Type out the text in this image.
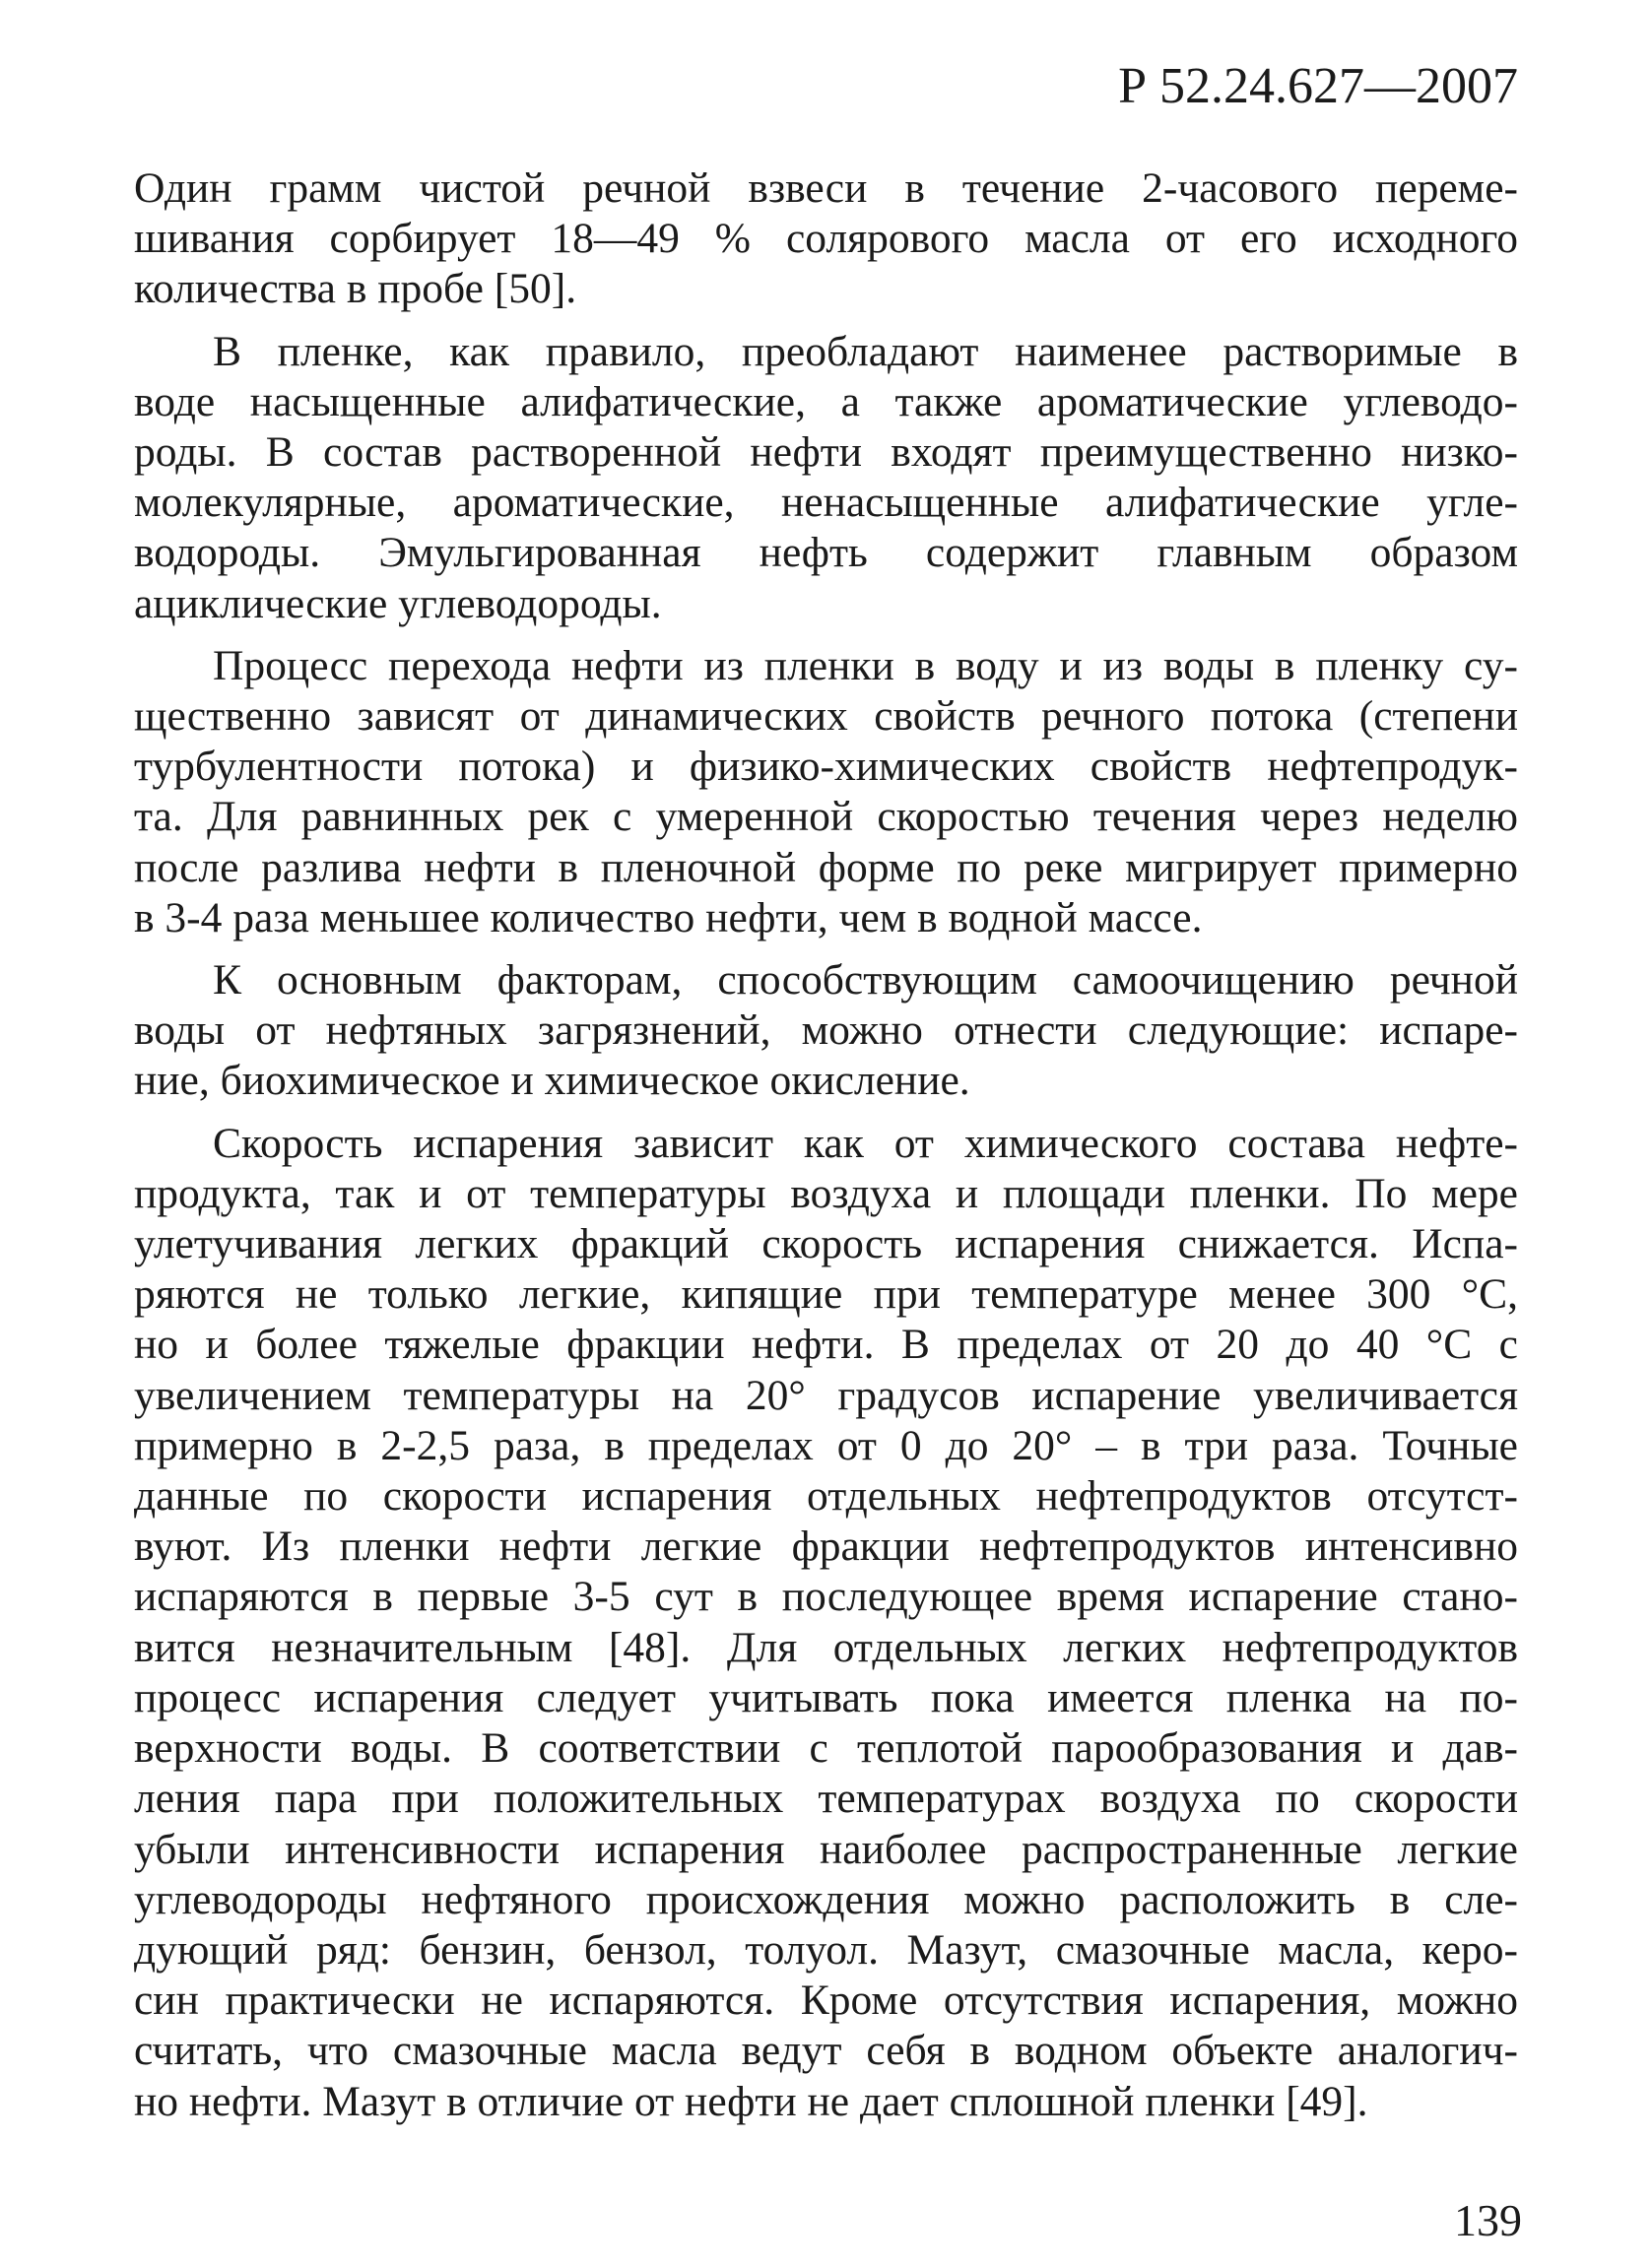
Р 52.24.627—2007
Один грамм чистой речной взвеси в течение 2-часового переме-
шивания сорбирует 18—49 % солярового масла от его исходного
количества в пробе [50].
В пленке, как правило, преобладают наименее растворимые в
воде насыщенные алифатические, а также ароматические углеводо-
роды. В состав растворенной нефти входят преимущественно низко-
молекулярные, ароматические, ненасыщенные алифатические угле-
водороды. Эмульгированная нефть содержит главным образом
ациклические углеводороды.
Процесс перехода нефти из пленки в воду и из воды в пленку су-
щественно зависят от динамических свойств речного потока (степени
турбулентности потока) и физико-химических свойств нефтепродук-
та. Для равнинных рек с умеренной скоростью течения через неделю
после разлива нефти в пленочной форме по реке мигрирует примерно
в 3-4 раза меньшее количество нефти, чем в водной массе.
К основным факторам, способствующим самоочищению речной
воды от нефтяных загрязнений, можно отнести следующие: испаре-
ние, биохимическое и химическое окисление.
Скорость испарения зависит как от химического состава нефте-
продукта, так и от температуры воздуха и площади пленки. По мере
улетучивания легких фракций скорость испарения снижается. Испа-
ряются не только легкие, кипящие при температуре менее 300 °С,
но и более тяжелые фракции нефти. В пределах от 20 до 40 °С с
увеличением температуры на 20° градусов испарение увеличивается
примерно в 2-2,5 раза, в пределах от 0 до 20° – в три раза. Точные
данные по скорости испарения отдельных нефтепродуктов отсутст-
вуют. Из пленки нефти легкие фракции нефтепродуктов интенсивно
испаряются в первые 3-5 сут в последующее время испарение стано-
вится незначительным [48]. Для отдельных легких нефтепродуктов
процесс испарения следует учитывать пока имеется пленка на по-
верхности воды. В соответствии с теплотой парообразования и дав-
ления пара при положительных температурах воздуха по скорости
убыли интенсивности испарения наиболее распространенные легкие
углеводороды нефтяного происхождения можно расположить в сле-
дующий ряд: бензин, бензол, толуол. Мазут, смазочные масла, керо-
син практически не испаряются. Кроме отсутствия испарения, можно
считать, что смазочные масла ведут себя в водном объекте аналогич-
но нефти. Мазут в отличие от нефти не дает сплошной пленки [49].
139
